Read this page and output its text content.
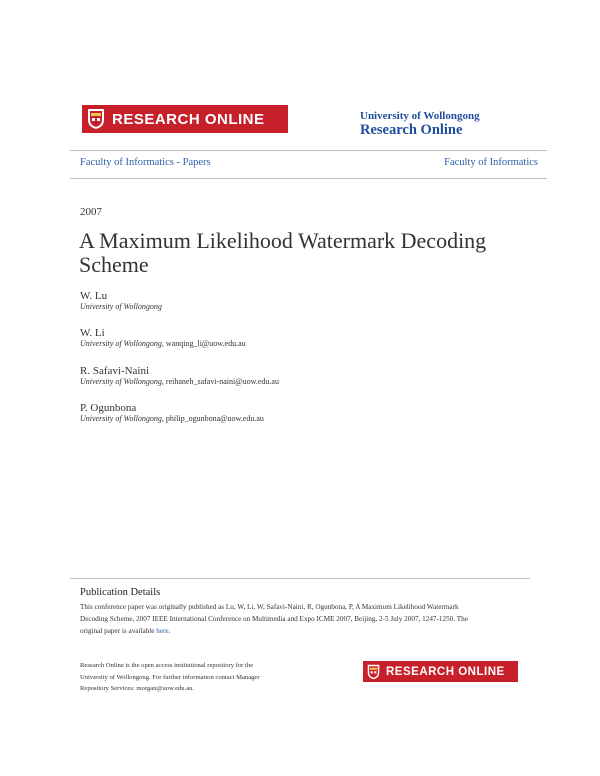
RESEARCH ONLINE	University of Wollongong
Research Online
Faculty of Informatics - Papers	Faculty of Informatics
2007
A Maximum Likelihood Watermark Decoding
Scheme
W. Lu
University of Wollongong
W. Li
University of Wollongong, wanqing_li@uow.edu.au
R. Safavi-Naini
University of Wollongong, reihaneh_safavi-naini@uow.edu.au
P. Ogunbona
University of Wollongong, philip_ogunbona@uow.edu.au
Publication Details
This conference paper was originally published as Lu, W, Li, W, Safavi-Naini, R, Ogunbona, P, A Maximum Likelihood Watermark
Decoding Scheme, 2007 IEEE International Conference on Multimedia and Expo ICME 2007, Beijing, 2-5 July 2007, 1247-1250. The
original paper is available here.
Research Online is the open access institutional repository for the
University of Wollongong. For further information contact Manager
Repository Services: morgan@uow.edu.au.
RESEARCH ONLINE
